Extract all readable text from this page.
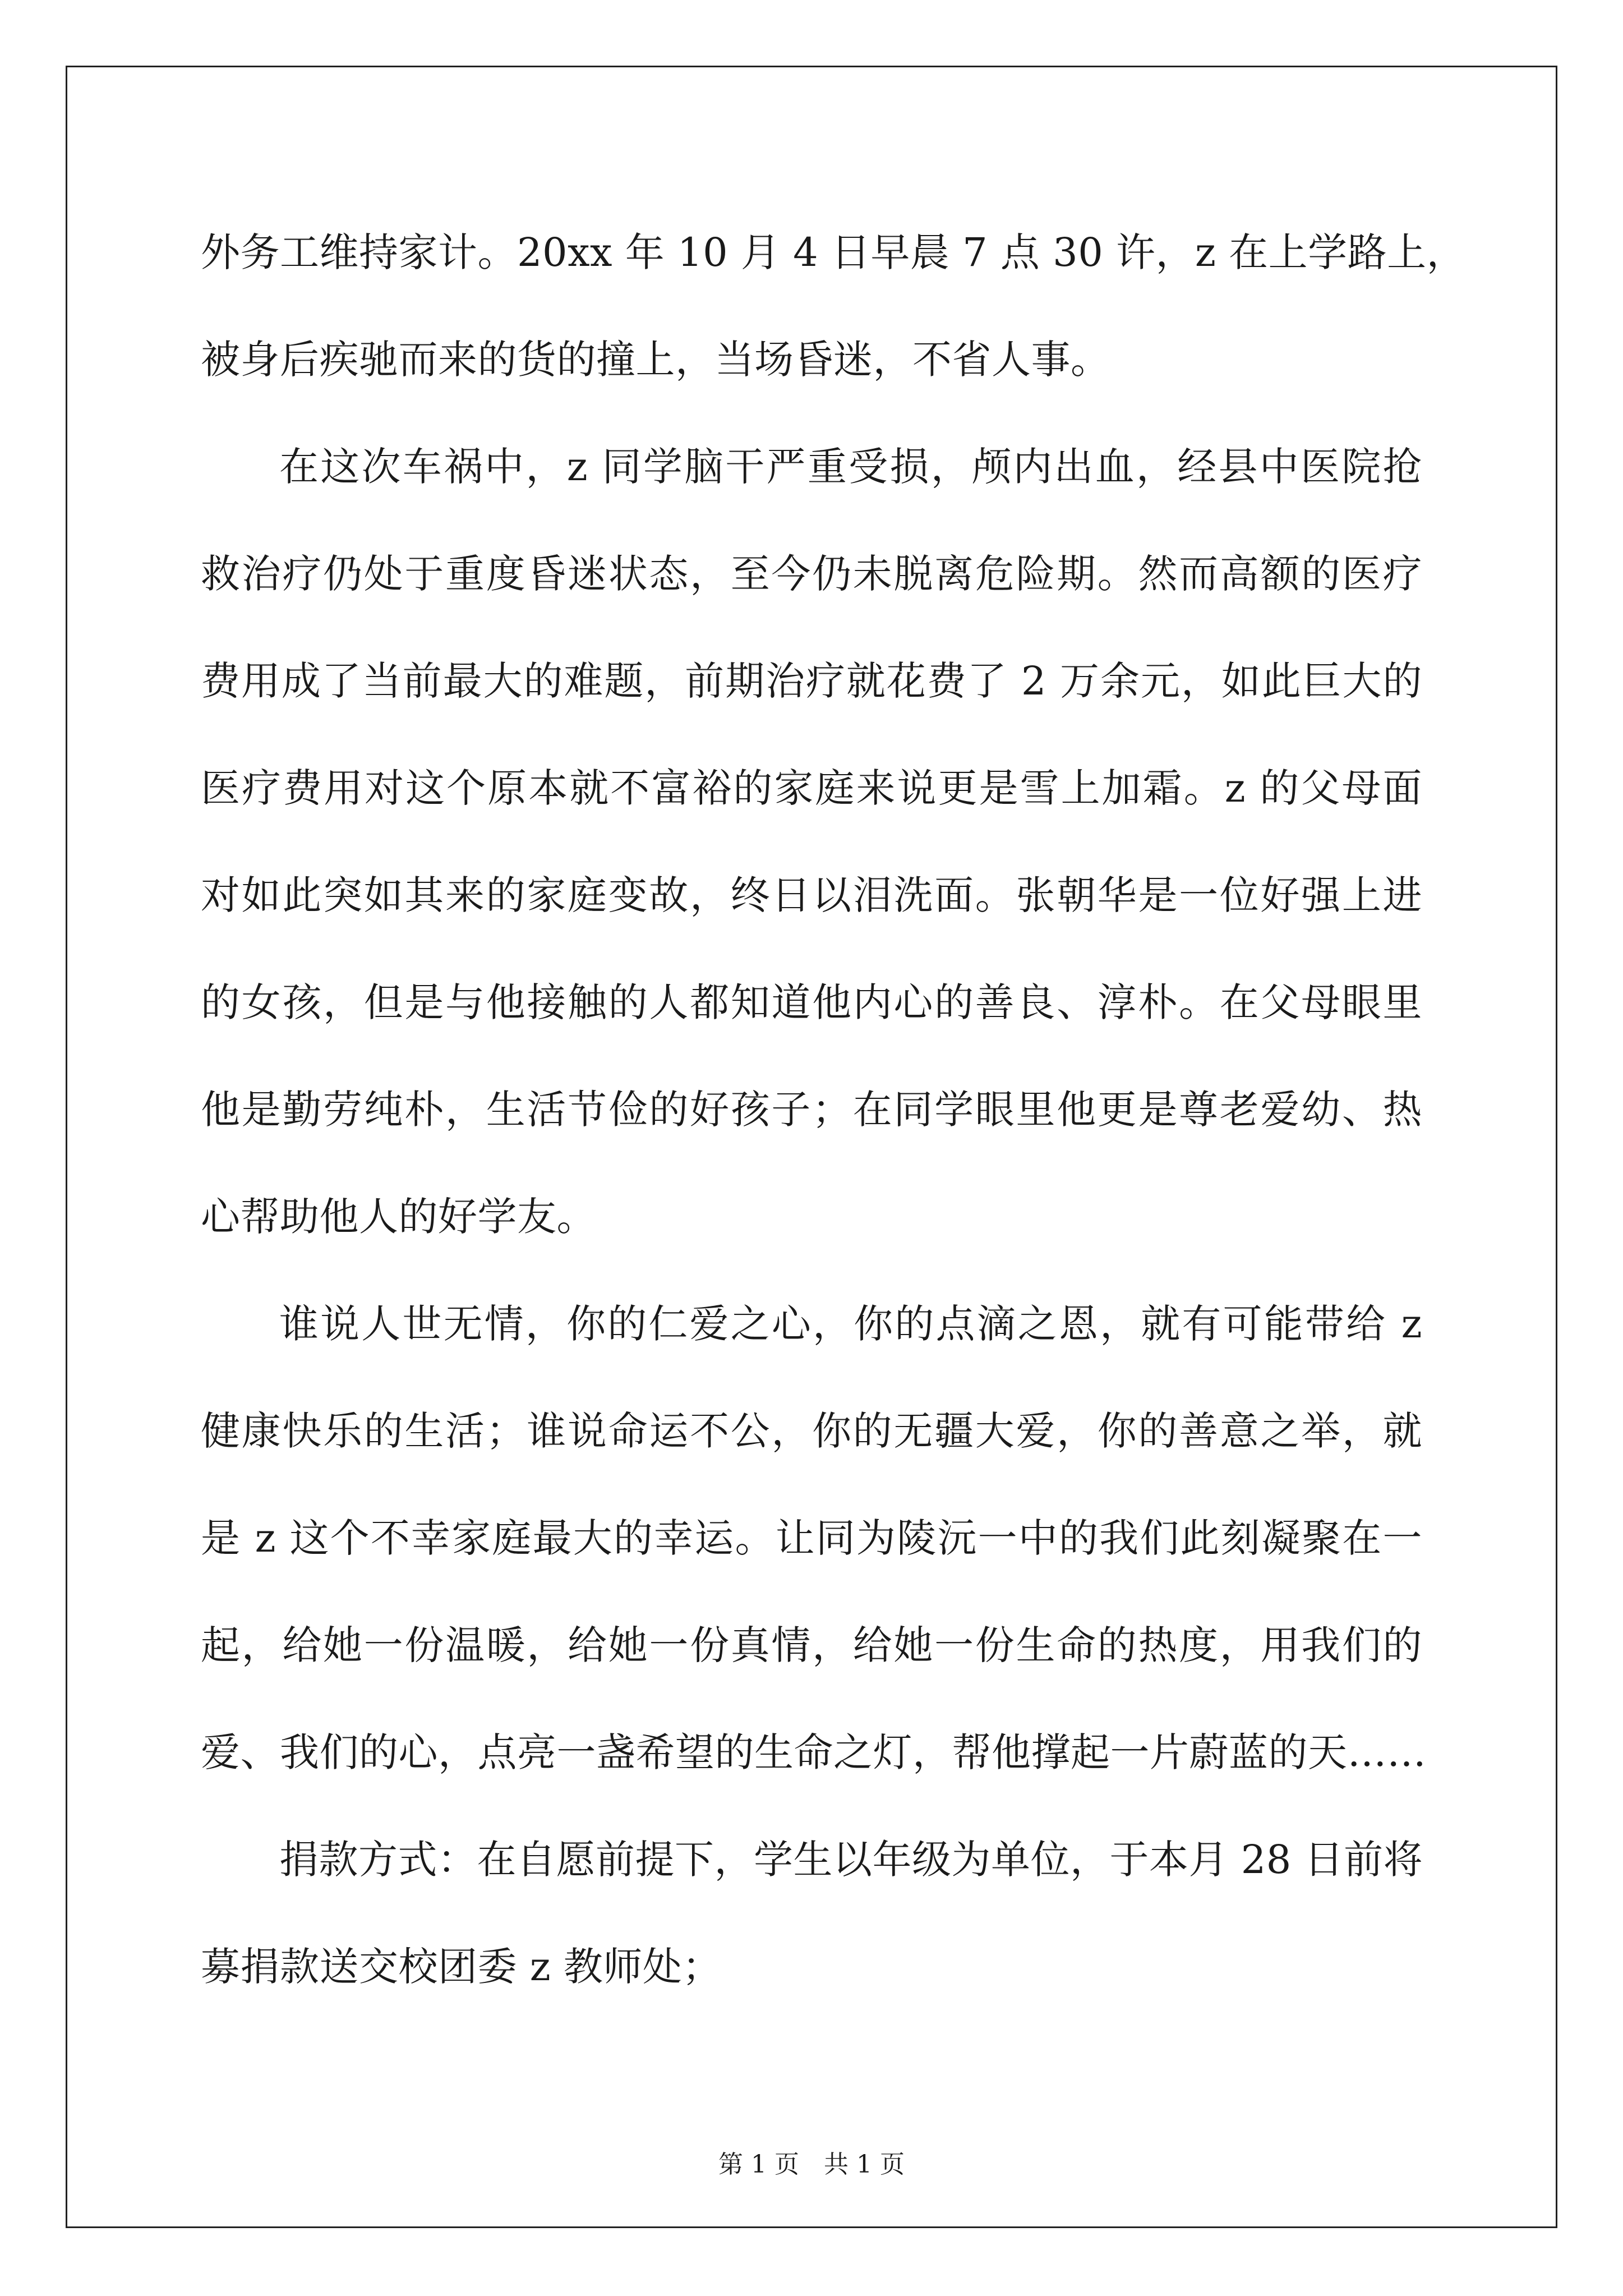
外务工维持家计。20xx 年 10 月 4 日早晨 7 点 30 许，z 在上学路上，
被身后疾驰而来的货的撞上，当场昏迷，不省人事。
在这次车祸中，z 同学脑干严重受损，颅内出血，经县中医院抢
救治疗仍处于重度昏迷状态，至今仍未脱离危险期。然而高额的医疗
费用成了当前最大的难题，前期治疗就花费了 2 万余元，如此巨大的
医疗费用对这个原本就不富裕的家庭来说更是雪上加霜。z 的父母面
对如此突如其来的家庭变故，终日以泪洗面。张朝华是一位好强上进
的女孩，但是与他接触的人都知道他内心的善良、淳朴。在父母眼里
他是勤劳纯朴，生活节俭的好孩子；在同学眼里他更是尊老爱幼、热
心帮助他人的好学友。
谁说人世无情，你的仁爱之心，你的点滴之恩，就有可能带给 z
健康快乐的生活；谁说命运不公，你的无疆大爱，你的善意之举，就
是 z 这个不幸家庭最大的幸运。让同为陵沅一中的我们此刻凝聚在一
起，给她一份温暖，给她一份真情，给她一份生命的热度，用我们的
爱、我们的心，点亮一盏希望的生命之灯，帮他撑起一片蔚蓝的天……
捐款方式：在自愿前提下，学生以年级为单位，于本月 28 日前将
募捐款送交校团委 z 教师处；
第 1 页　共 1 页
